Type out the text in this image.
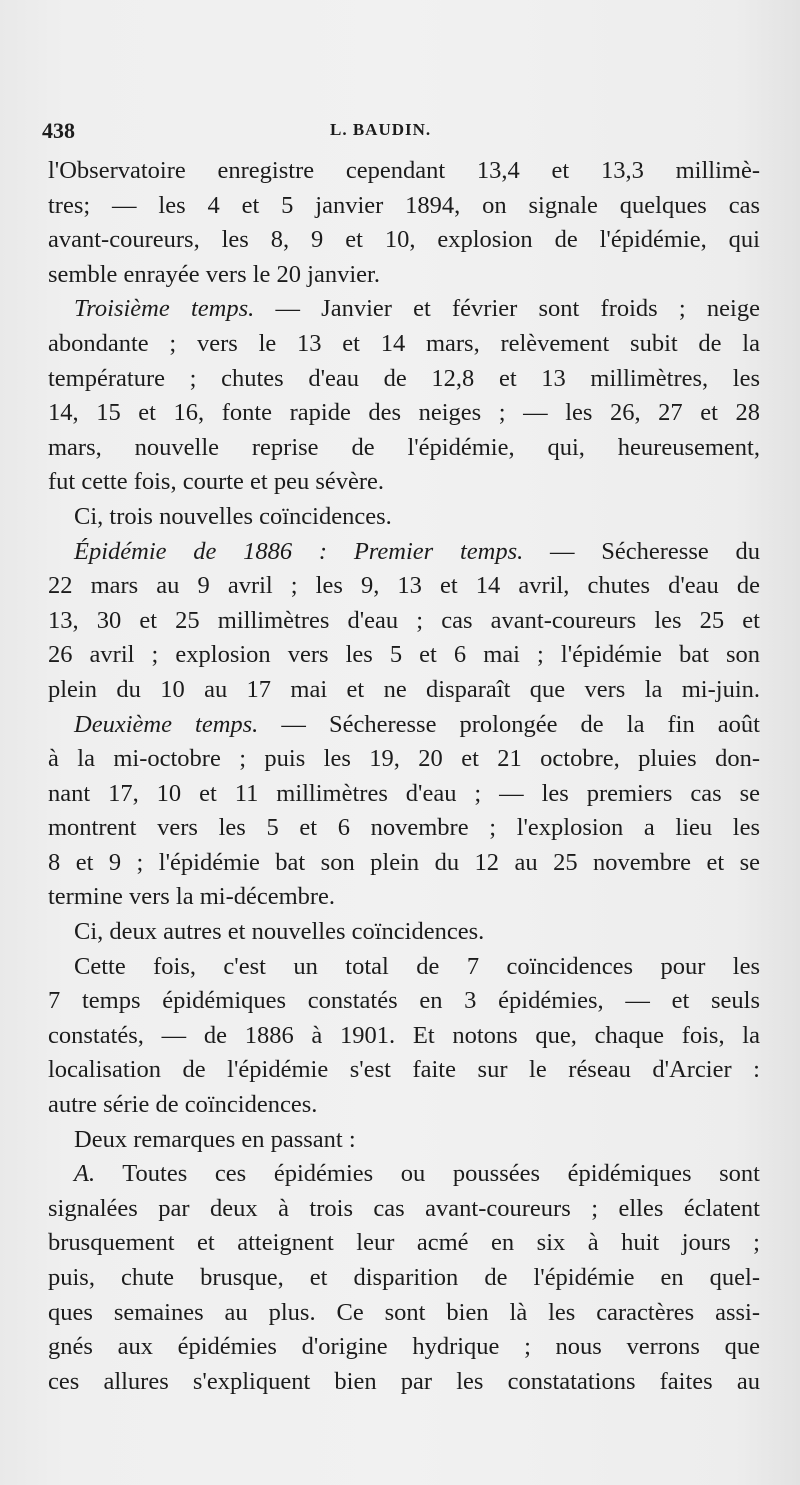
438	L. BAUDIN.
l'Observatoire enregistre cependant 13,4 et 13,3 millimè-
tres; — les 4 et 5 janvier 1894, on signale quelques cas
avant-coureurs, les 8, 9 et 10, explosion de l'épidémie, qui
semble enrayée vers le 20 janvier.
Troisième temps. — Janvier et février sont froids ; neige
abondante ; vers le 13 et 14 mars, relèvement subit de la
température ; chutes d'eau de 12,8 et 13 millimètres, les
14, 15 et 16, fonte rapide des neiges ; — les 26, 27 et 28
mars, nouvelle reprise de l'épidémie, qui, heureusement,
fut cette fois, courte et peu sévère.
Ci, trois nouvelles coïncidences.
Épidémie de 1886 : Premier temps. — Sécheresse du
22 mars au 9 avril ; les 9, 13 et 14 avril, chutes d'eau de
13, 30 et 25 millimètres d'eau ; cas avant-coureurs les 25 et
26 avril ; explosion vers les 5 et 6 mai ; l'épidémie bat son
plein du 10 au 17 mai et ne disparaît que vers la mi-juin.
Deuxième temps. — Sécheresse prolongée de la fin août
à la mi-octobre ; puis les 19, 20 et 21 octobre, pluies don-
nant 17, 10 et 11 millimètres d'eau ; — les premiers cas se
montrent vers les 5 et 6 novembre ; l'explosion a lieu les
8 et 9 ; l'épidémie bat son plein du 12 au 25 novembre et se
termine vers la mi-décembre.
Ci, deux autres et nouvelles coïncidences.
Cette fois, c'est un total de 7 coïncidences pour les
7 temps épidémiques constatés en 3 épidémies, — et seuls
constatés, — de 1886 à 1901. Et notons que, chaque fois, la
localisation de l'épidémie s'est faite sur le réseau d'Arcier :
autre série de coïncidences.
Deux remarques en passant :
A. Toutes ces épidémies ou poussées épidémiques sont
signalées par deux à trois cas avant-coureurs ; elles éclatent
brusquement et atteignent leur acmé en six à huit jours ;
puis, chute brusque, et disparition de l'épidémie en quel-
ques semaines au plus. Ce sont bien là les caractères assi-
gnés aux épidémies d'origine hydrique ; nous verrons que
ces allures s'expliquent bien par les constatations faites au
